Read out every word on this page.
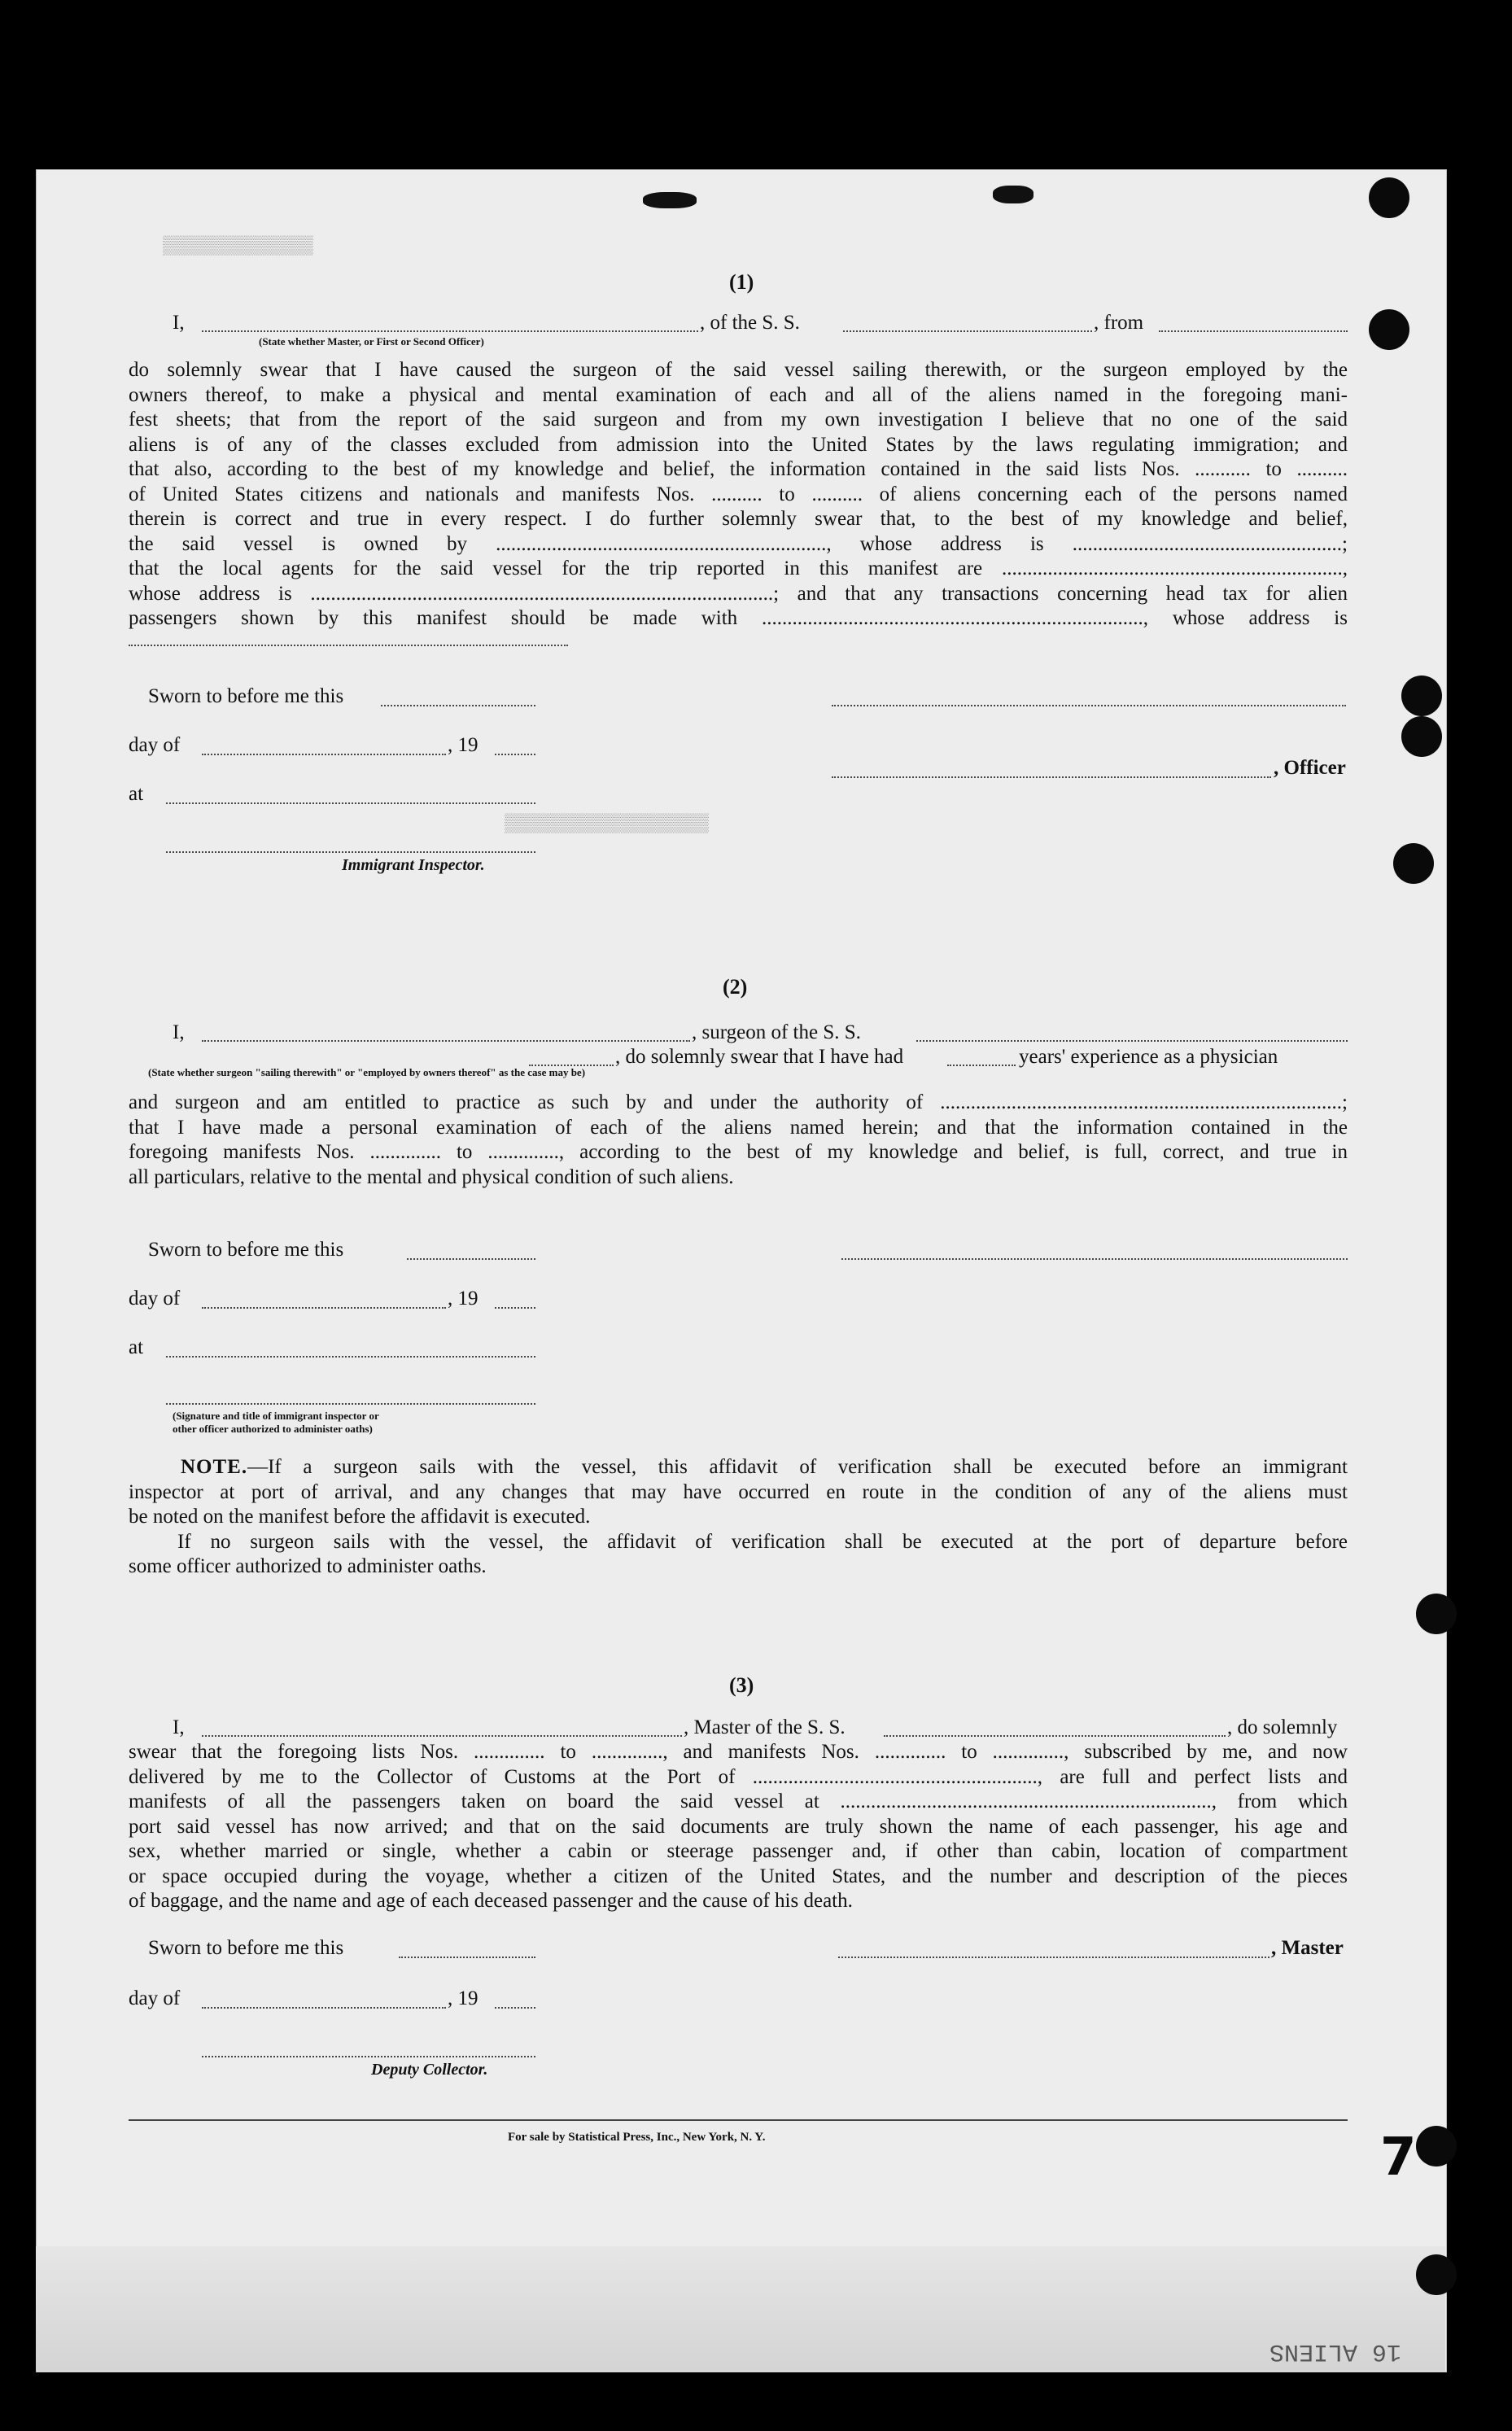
▒▒▒▒▒▒▒▒▒▒▒▒▒▒
▒▒▒▒▒▒▒▒▒▒▒▒▒▒▒▒▒▒▒
(1)
I,	, of the S. S.	, from
(State whether Master, or First or Second Officer)
do solemnly swear that I have caused the surgeon of the said vessel sailing therewith, or the surgeon employed by the
owners thereof, to make a physical and mental examination of each and all of the aliens named in the foregoing mani-
fest sheets; that from the report of the said surgeon and from my own investigation I believe that no one of the said
aliens is of any of the classes excluded from admission into the United States by the laws regulating immigration; and
that also, according to the best of my knowledge and belief, the information contained in the said lists Nos. ........... to ..........
of United States citizens and nationals and manifests Nos. .......... to .......... of aliens concerning each of the persons named
therein is correct and true in every respect. I do further solemnly swear that, to the best of my knowledge and belief,
the said vessel is owned by ................................................................., whose address is .....................................................;
that the local agents for the said vessel for the trip reported in this manifest are ...................................................................,
whose address is ...........................................................................................; and that any transactions concerning head tax for alien
passengers shown by this manifest should be made with ..........................................................................., whose address is
Sworn to before me this
day of	, 19
, Officer
at
Immigrant Inspector.
(2)
I,	, surgeon of the S. S.
(State whether surgeon "sailing therewith" or "employed by owners thereof" as the case may be)
, do solemnly swear that I have had	years' experience as a physician
and surgeon and am entitled to practice as such by and under the authority of ...............................................................................;
that I have made a personal examination of each of the aliens named herein; and that the information contained in the
foregoing manifests Nos. .............. to .............., according to the best of my knowledge and belief, is full, correct, and true in
all particulars, relative to the mental and physical condition of such aliens.
Sworn to before me this
day of	, 19
at
(Signature and title of immigrant inspector or
other officer authorized to administer oaths)
NOTE.—If a surgeon sails with the vessel, this affidavit of verification shall be executed before an immigrant
inspector at port of arrival, and any changes that may have occurred en route in the condition of any of the aliens must
be noted on the manifest before the affidavit is executed.
If no surgeon sails with the vessel, the affidavit of verification shall be executed at the port of departure before
some officer authorized to administer oaths.
(3)
I,	, Master of the S. S.	, do solemnly
swear that the foregoing lists Nos. .............. to .............., and manifests Nos. .............. to .............., subscribed by me, and now
delivered by me to the Collector of Customs at the Port of ........................................................, are full and perfect lists and
manifests of all the passengers taken on board the said vessel at ........................................................................., from which
port said vessel has now arrived; and that on the said documents are truly shown the name of each passenger, his age and
sex, whether married or single, whether a cabin or steerage passenger and, if other than cabin, location of compartment
or space occupied during the voyage, whether a citizen of the United States, and the number and description of the pieces
of baggage, and the name and age of each deceased passenger and the cause of his death.
Sworn to before me this	, Master
day of	, 19
Deputy Collector.
For sale by Statistical Press, Inc., New York, N. Y.	7
16 ALIENS
